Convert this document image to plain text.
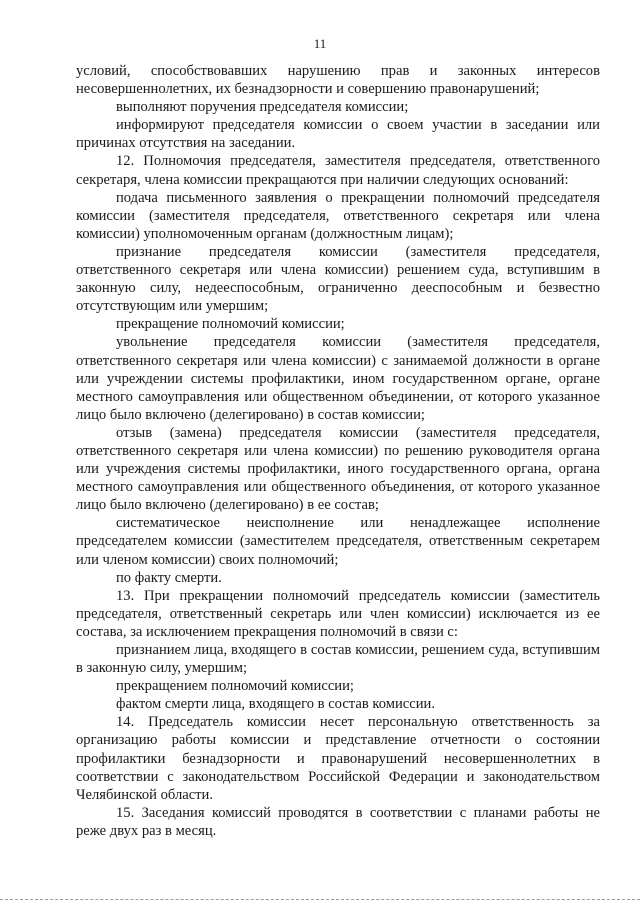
11

условий, способствовавших нарушению прав и законных интересов несовершеннолетних, их безнадзорности и совершению правонарушений;

выполняют поручения председателя комиссии;

информируют председателя комиссии о своем участии в заседании или причинах отсутствия на заседании.

12. Полномочия председателя, заместителя председателя, ответственного секретаря, члена комиссии прекращаются при наличии следующих оснований:

подача письменного заявления о прекращении полномочий председателя комиссии (заместителя председателя, ответственного секретаря или члена комиссии) уполномоченным органам (должностным лицам);

признание председателя комиссии (заместителя председателя, ответственного секретаря или члена комиссии) решением суда, вступившим в законную силу, недееспособным, ограниченно дееспособным и безвестно отсутствующим или умершим;

прекращение полномочий комиссии;

увольнение председателя комиссии (заместителя председателя, ответственного секретаря или члена комиссии) с занимаемой должности в органе или учреждении системы профилактики, ином государственном органе, органе местного самоуправления или общественном объединении, от которого указанное лицо было включено (делегировано) в состав комиссии;

отзыв (замена) председателя комиссии (заместителя председателя, ответственного секретаря или члена комиссии) по решению руководителя органа или учреждения системы профилактики, иного государственного органа, органа местного самоуправления или общественного объединения, от которого указанное лицо было включено (делегировано) в ее состав;

систематическое неисполнение или ненадлежащее исполнение председателем комиссии (заместителем председателя, ответственным секретарем или членом комиссии) своих полномочий;

по факту смерти.

13. При прекращении полномочий председатель комиссии (заместитель председателя, ответственный секретарь или член комиссии) исключается из ее состава, за исключением прекращения полномочий в связи с:

признанием лица, входящего в состав комиссии, решением суда, вступившим в законную силу, умершим;

прекращением полномочий комиссии;

фактом смерти лица, входящего в состав комиссии.

14. Председатель комиссии несет персональную ответственность за организацию работы комиссии и представление отчетности о состоянии профилактики безнадзорности и правонарушений несовершеннолетних в соответствии с законодательством Российской Федерации и законодательством Челябинской области.

15. Заседания комиссий проводятся в соответствии с планами работы не реже двух раз в месяц.
